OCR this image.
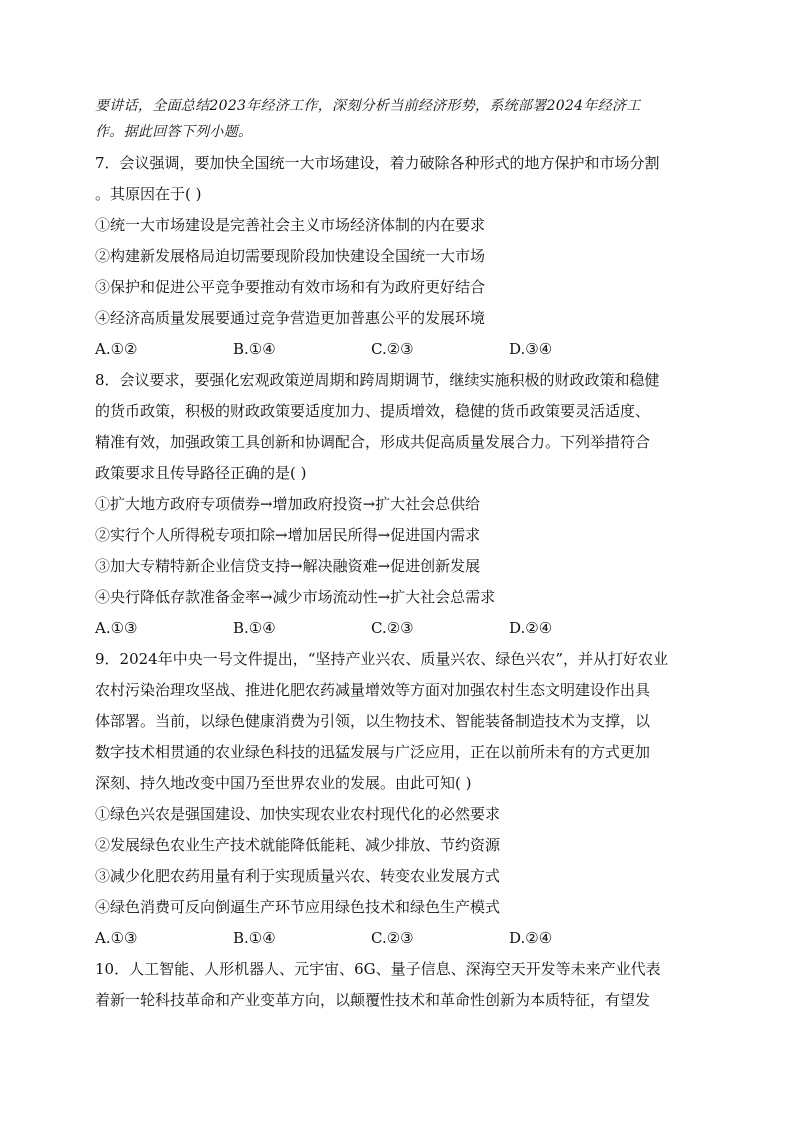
要讲话，全面总结2023年经济工作，深刻分析当前经济形势，系统部署2024年经济工

作。据此回答下列小题。

7．会议强调，要加快全国统一大市场建设，着力破除各种形式的地方保护和市场分割

。其原因在于( )

①统一大市场建设是完善社会主义市场经济体制的内在要求

②构建新发展格局迫切需要现阶段加快建设全国统一大市场

③保护和促进公平竞争要推动有效市场和有为政府更好结合

④经济高质量发展要通过竞争营造更加普惠公平的发展环境

A.①②	B.①④	C.②③	D.③④

8．会议要求，要强化宏观政策逆周期和跨周期调节，继续实施积极的财政政策和稳健

的货币政策，积极的财政政策要适度加力、提质增效，稳健的货币政策要灵活适度、

精准有效，加强政策工具创新和协调配合，形成共促高质量发展合力。下列举措符合

政策要求且传导路径正确的是( )

①扩大地方政府专项债券→增加政府投资→扩大社会总供给

②实行个人所得税专项扣除→增加居民所得→促进国内需求

③加大专精特新企业信贷支持→解决融资难→促进创新发展

④央行降低存款准备金率→减少市场流动性→扩大社会总需求

A.①③	B.①④	C.②③	D.②④

9．2024年中央一号文件提出，“坚持产业兴农、质量兴农、绿色兴农”，并从打好农业

农村污染治理攻坚战、推进化肥农药减量增效等方面对加强农村生态文明建设作出具

体部署。当前，以绿色健康消费为引领，以生物技术、智能装备制造技术为支撑，以

数字技术相贯通的农业绿色科技的迅猛发展与广泛应用，正在以前所未有的方式更加

深刻、持久地改变中国乃至世界农业的发展。由此可知( )

①绿色兴农是强国建设、加快实现农业农村现代化的必然要求

②发展绿色农业生产技术就能降低能耗、减少排放、节约资源

③减少化肥农药用量有利于实现质量兴农、转变农业发展方式

④绿色消费可反向倒逼生产环节应用绿色技术和绿色生产模式

A.①③	B.①④	C.②③	D.②④

10．人工智能、人形机器人、元宇宙、6G、量子信息、深海空天开发等未来产业代表

着新一轮科技革命和产业变革方向，以颠覆性技术和革命性创新为本质特征，有望发
